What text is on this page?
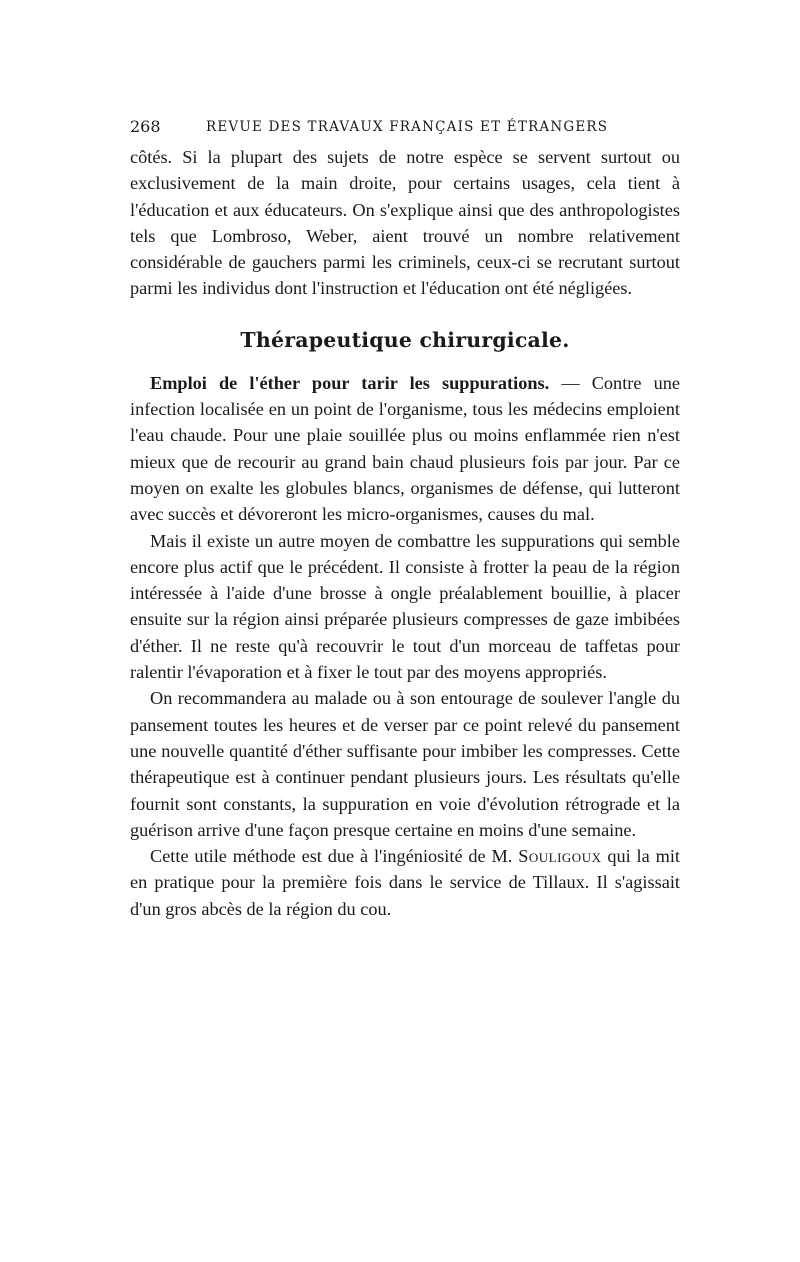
268	REVUE DES TRAVAUX FRANÇAIS ET ÉTRANGERS

côtés. Si la plupart des sujets de notre espèce se servent surtout ou exclusivement de la main droite, pour certains usages, cela tient à l'éducation et aux éducateurs. On s'explique ainsi que des anthropologistes tels que Lombroso, Weber, aient trouvé un nombre relativement considérable de gauchers parmi les criminels, ceux-ci se recrutant surtout parmi les individus dont l'instruction et l'éducation ont été négligées.

Thérapeutique chirurgicale.

Emploi de l'éther pour tarir les suppurations. — Contre une infection localisée en un point de l'organisme, tous les médecins emploient l'eau chaude. Pour une plaie souillée plus ou moins enflammée rien n'est mieux que de recourir au grand bain chaud plusieurs fois par jour. Par ce moyen on exalte les globules blancs, organismes de défense, qui lutteront avec succès et dévoreront les micro-organismes, causes du mal.

Mais il existe un autre moyen de combattre les suppurations qui semble encore plus actif que le précédent. Il consiste à frotter la peau de la région intéressée à l'aide d'une brosse à ongle préalablement bouillie, à placer ensuite sur la région ainsi préparée plusieurs compresses de gaze imbibées d'éther. Il ne reste qu'à recouvrir le tout d'un morceau de taffetas pour ralentir l'évaporation et à fixer le tout par des moyens appropriés.

On recommandera au malade ou à son entourage de soulever l'angle du pansement toutes les heures et de verser par ce point relevé du pansement une nouvelle quantité d'éther suffisante pour imbiber les compresses. Cette thérapeutique est à continuer pendant plusieurs jours. Les résultats qu'elle fournit sont constants, la suppuration en voie d'évolution rétrograde et la guérison arrive d'une façon presque certaine en moins d'une semaine.

Cette utile méthode est due à l'ingéniosité de M. Souligoux qui la mit en pratique pour la première fois dans le service de Tillaux. Il s'agissait d'un gros abcès de la région du cou.
